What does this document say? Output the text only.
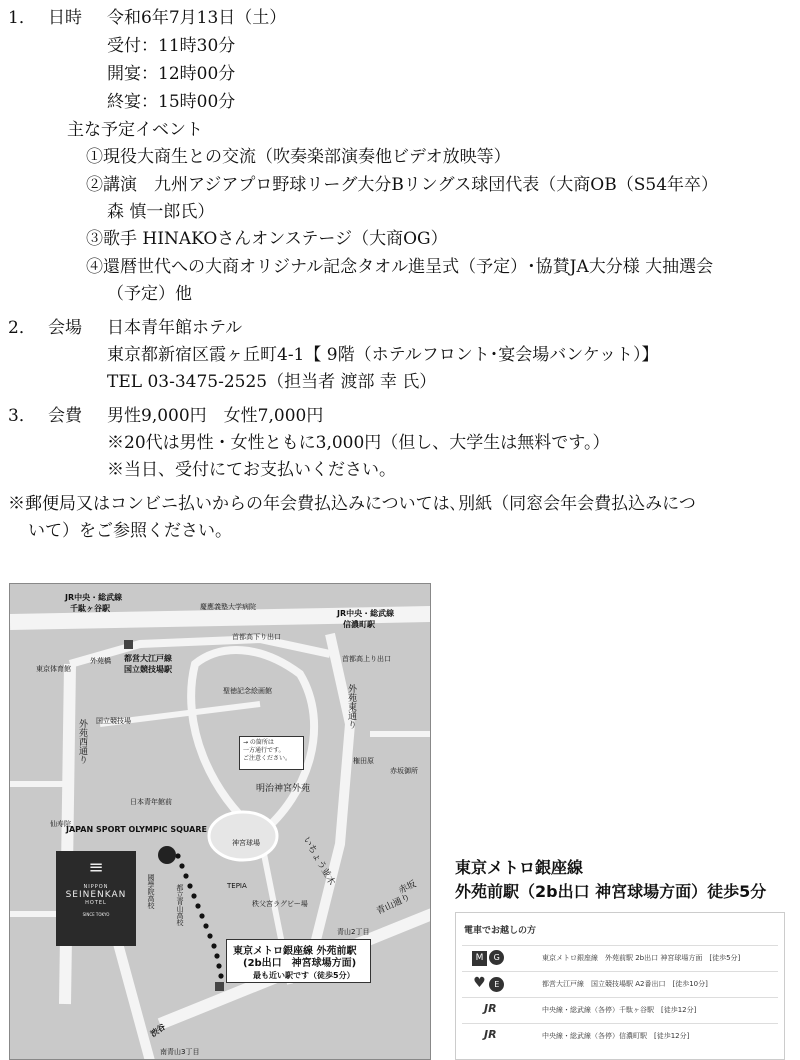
1． 日時 令和6年7月13日（土）
受付：11時30分
開宴：12時00分
終宴：15時00分
主な予定イベント
①現役大商生との交流（吹奏楽部演奏他ビデオ放映等）
②講演　九州アジアプロ野球リーグ大分Bリングス球団代表（大商OB（S54年卒）
森 慎一郎氏）
③歌手 HINAKOさんオンステージ（大商OG）
④還暦世代への大商オリジナル記念タオル進呈式（予定）･協賛JA大分様 大抽選会
（予定）他
2． 会場 日本青年館ホテル
東京都新宿区霞ヶ丘町4-1【 9階（ホテルフロント･宴会場バンケット）】
TEL 03-3475-2525（担当者 渡部 幸 氏）
3． 会費 男性9,000円　女性7,000円
※20代は男性・女性ともに3,000円（但し、大学生は無料です。）
※当日、受付にてお支払いください。
※郵便局又はコンビニ払いからの年会費払込みについては､別紙（同窓会年会費払込みにつ
いて）をご参照ください。
JR中央・総武線
千駄ヶ谷駅	慶應義塾大学病院
JR中央・総武線
信濃町駅
首都高下り出口
首都高上り出口
都営大江戸線
国立競技場駅
東京体育館
外苑橋
聖徳記念絵画館
外苑西通り
外苑東通り
国立競技場
→ の箇所は
一方通行です。
ご注意ください。	権田原
赤坂御所
明治神宮外苑
日本青年館前
仙寿院
JAPAN SPORT OLYMPIC SQUARE
神宮球場	いちょう並木
≡
NIPPON
SEINENKAN
HOTEL
SINCE TOKYO
國學院高校	都立青山高校	TEPIA
秩父宮ラグビー場
赤坂
青山通り
青山2丁目
東京メトロ銀座線 外苑前駅
(2b出口　神宮球場方面)
最も近い駅です（徒歩5分）
渋谷
南青山3丁目
東京メトロ銀座線
外苑前駅（2b出口 神宮球場方面）徒歩5分
電車でお越しの方
M G	東京メトロ銀座線　外苑前駅 2b出口 神宮球場方面　[徒歩5分]
♥ E	都営大江戸線　国立競技場駅 A2番出口　[徒歩10分]
JR	中央線・総武線（各停）千駄ヶ谷駅　[徒歩12分]
JR	中央線・総武線（各停）信濃町駅　[徒歩12分]
